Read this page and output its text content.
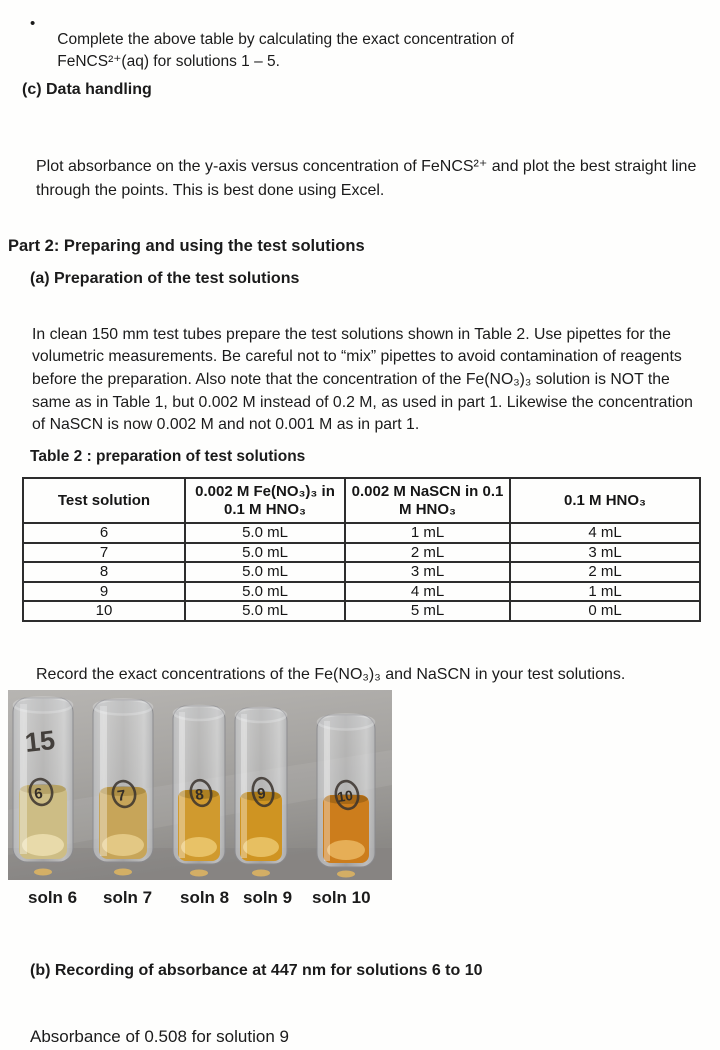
•

Complete the above table by calculating the exact concentration of FeNCS²⁺(aq) for solutions 1 – 5.

(c) Data handling

Plot absorbance on the y-axis versus concentration of FeNCS²⁺ and plot the best straight line through the points. This is best done using Excel.

Part 2: Preparing and using the test solutions
(a) Preparation of the test solutions

In clean 150 mm test tubes prepare the test solutions shown in Table 2. Use pipettes for the volumetric measurements. Be careful not to “mix” pipettes to avoid contamination of reagents before the preparation. Also note that the concentration of the Fe(NO₃)₃ solution is NOT the same as in Table 1, but 0.002 M instead of 0.2 M, as used in part 1. Likewise the concentration of NaSCN is now 0.002 M and not 0.001 M as in part 1.

Table 2 : preparation of test solutions
Test solution	0.002 M Fe(NO₃)₃ in 0.1 M HNO₃	0.002 M NaSCN in 0.1 M HNO₃	0.1 M HNO₃
6	5.0 mL	1 mL	4 mL
7	5.0 mL	2 mL	3 mL
8	5.0 mL	3 mL	2 mL
9	5.0 mL	4 mL	1 mL
10	5.0 mL	5 mL	0 mL

Record the exact concentrations of the Fe(NO₃)₃ and NaSCN in your test solutions.

15
6	7	8	9	10
soln 6 soln 7 soln 8 soln 9 soln 10
(b) Recording of absorbance at 447 nm for solutions 6 to 10
Absorbance of 0.508 for solution 9
